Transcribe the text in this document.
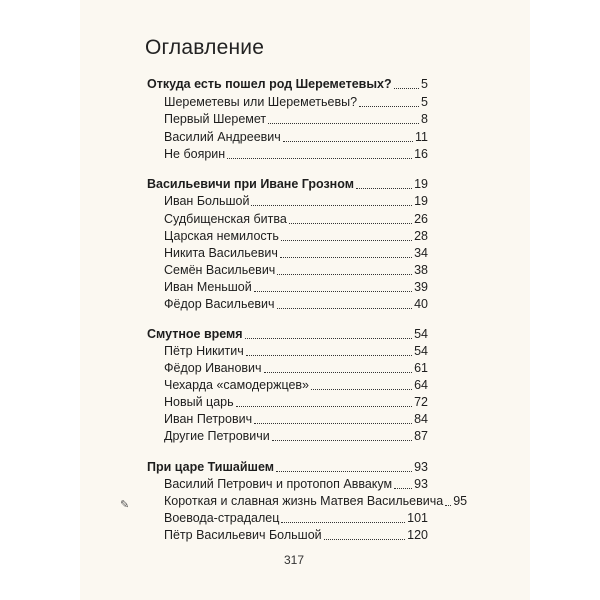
Оглавление
Откуда есть пошел род Шереметевых? 5
Шереметевы или Шереметьевы?	5
Первый Шеремет	8
Василий Андреевич	11
Не боярин	16
Васильевичи при Иване Грозном	19
Иван Большой	19
Судбищенская битва	26
Царская немилость	28
Никита Васильевич	34
Семён Васильевич	38
Иван Меньшой	39
Фёдор Васильевич	40
Смутное время	54
Пётр Никитич	54
Фёдор Иванович	61
Чехарда «самодержцев»	64
Новый царь	72
Иван Петрович	84
Другие Петровичи	87
При царе Тишайшем	93
Василий Петрович и протопоп Аввакум 93
Короткая и славная жизнь Матвея Васильевича 95
Воевода-страдалец	101
Пётр Васильевич Большой	120
✎
317
